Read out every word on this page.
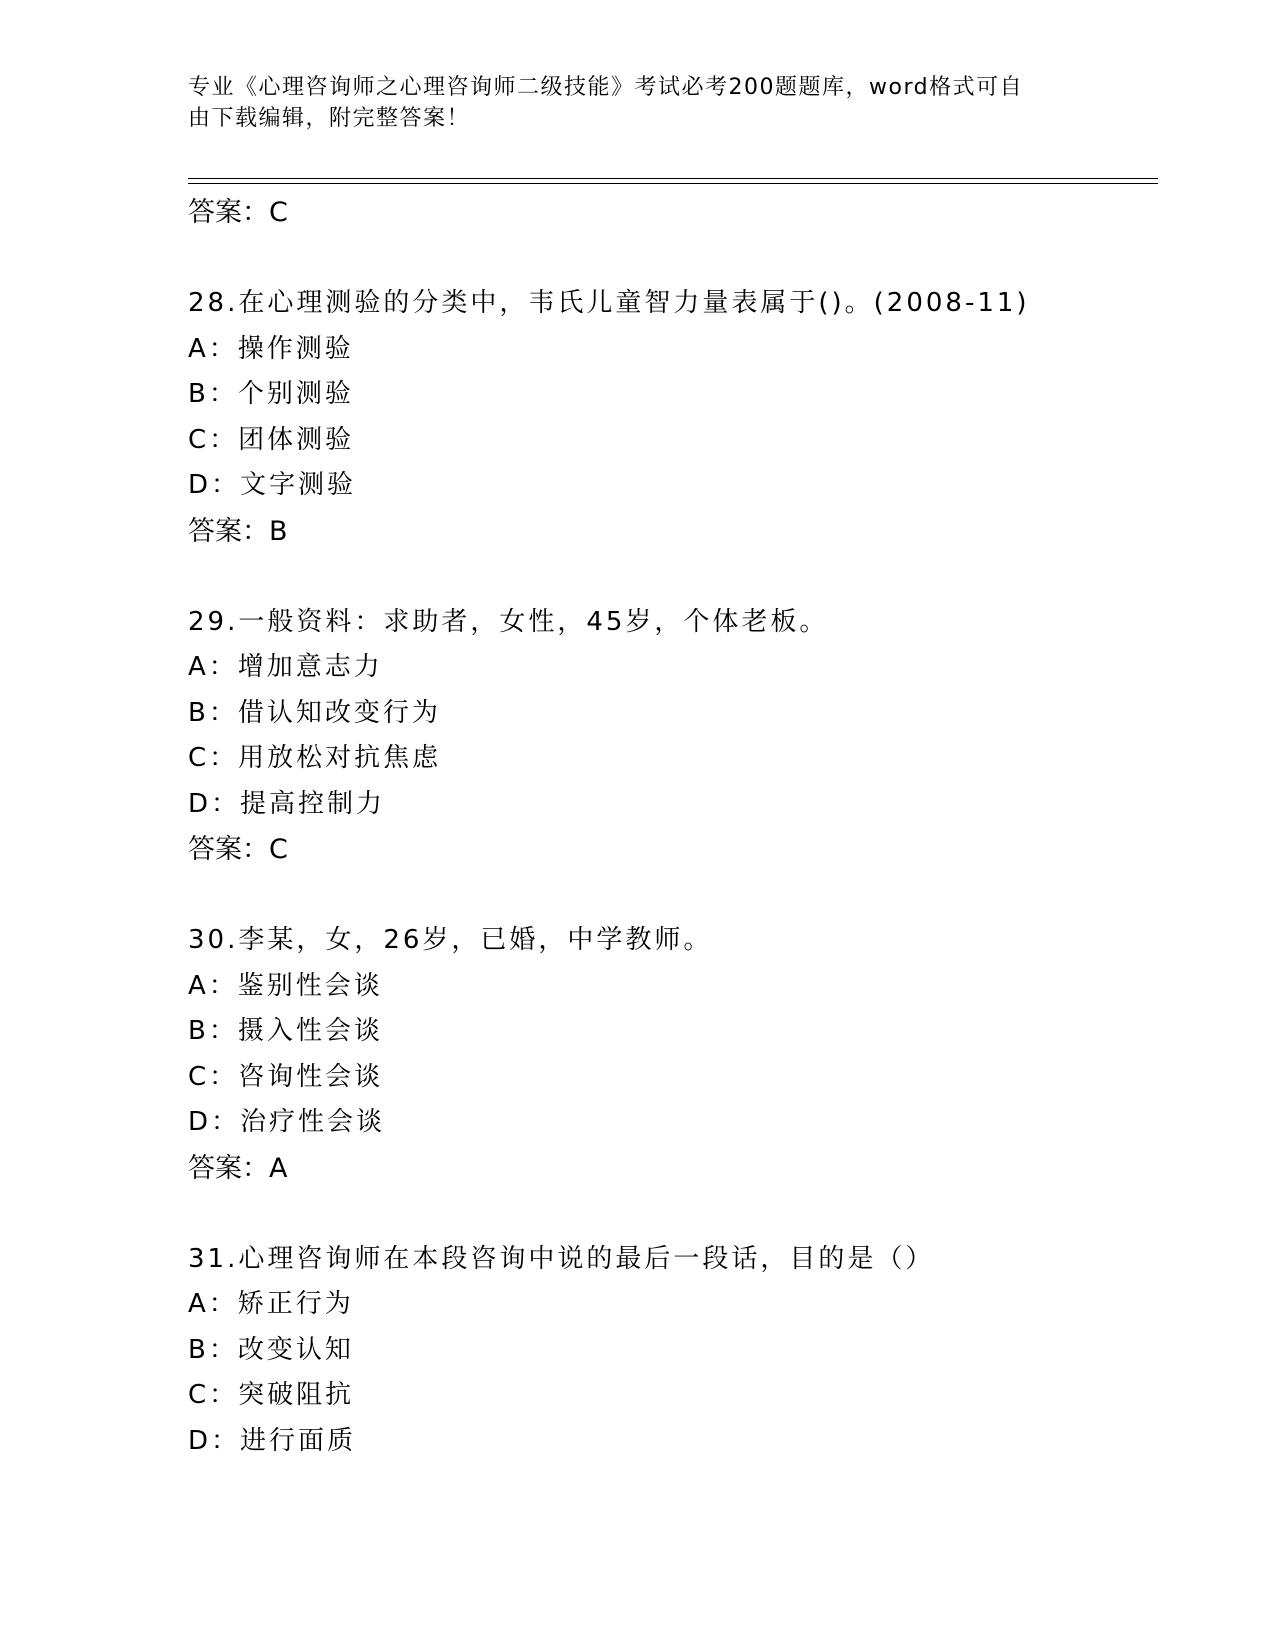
专业《心理咨询师之心理咨询师二级技能》考试必考200题题库，word格式可自
由下载编辑，附完整答案！
答案：C
28.在心理测验的分类中，韦氏儿童智力量表属于()。(2008-11)
A：操作测验
B：个别测验
C：团体测验
D：文字测验
答案：B
29.一般资料：求助者，女性，45岁，个体老板。
A：增加意志力
B：借认知改变行为
C：用放松对抗焦虑
D：提高控制力
答案：C
30.李某，女，26岁，已婚，中学教师。
A：鉴别性会谈
B：摄入性会谈
C：咨询性会谈
D：治疗性会谈
答案：A
31.心理咨询师在本段咨询中说的最后一段话，目的是（）
A：矫正行为
B：改变认知
C：突破阻抗
D：进行面质
